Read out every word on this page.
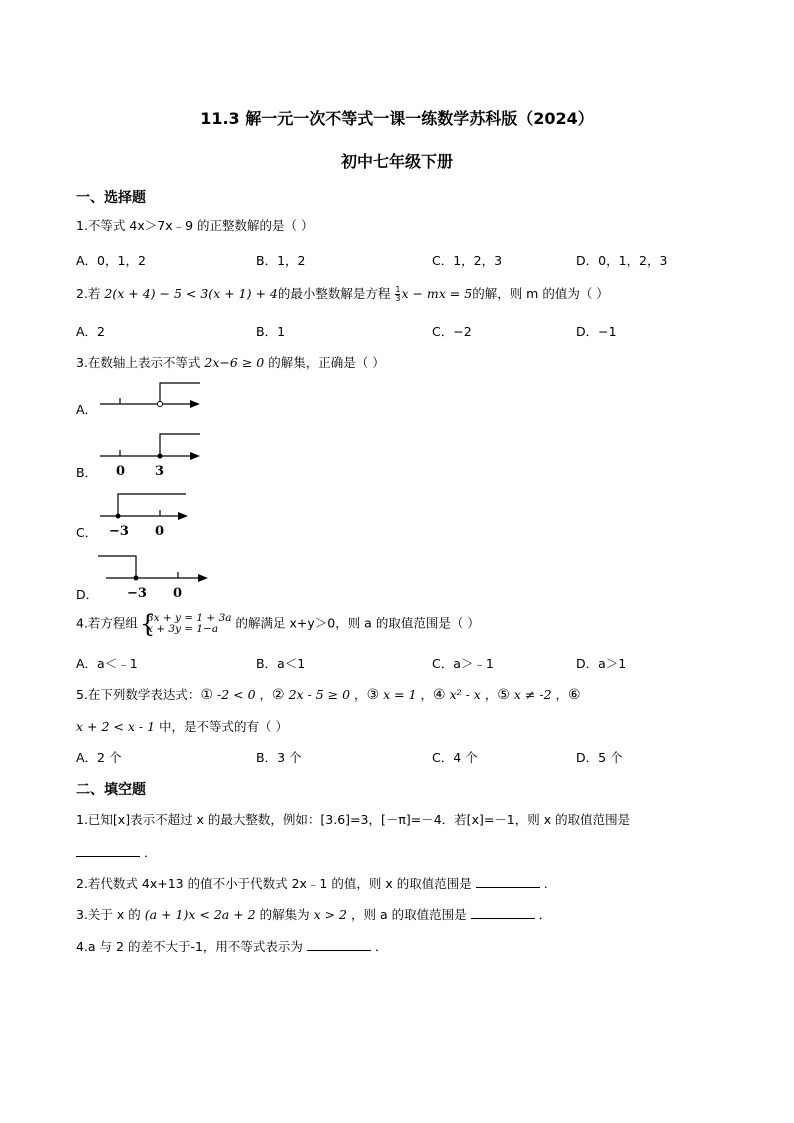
11.3 解一元一次不等式一课一练数学苏科版（2024）
初中七年级下册
一、选择题
1.不等式 4x＞7x﹣9 的正整数解的是（ ）
A．0，1，2	B．1，2	C．1，2，3	D．0，1，2，3
2.若 2(x + 4) − 5 < 3(x + 1) + 4的最小整数解是方程 $\frac{1}{3}$ x − mx = 5的解，则 m 的值为（ ）
A．2	B．1	C．−2	D．−1
3.在数轴上表示不等式 2x−6 ≥ 0 的解集，正确是（ ）
A．
B． 0 3
C． −3 0
D． −3 0
4.若方程组 {
3x + y = 1 + 3a
x + 3y = 1−a	的解满足 x+y＞0，则 a 的取值范围是（ ）
A．a＜﹣1	B．a＜1	C．a＞﹣1	D．a＞1
5.在下列数学表达式：① -2 < 0 ，② 2x - 5 ≥ 0 ，③ x = 1 ，④ x² - x ，⑤ x ≠ -2 ，⑥
x + 2 < x - 1 中，是不等式的有（ ）
A．2 个	B．3 个	C．4 个	D．5 个
二、填空题
1.已知[x]表示不超过 x 的最大整数，例如：[3.6]=3，[－π]=－4．若[x]=－1，则 x 的取值范围是
．
2.若代数式 4x+13 的值不小于代数式 2x﹣1 的值，则 x 的取值范围是	.
3.关于 x 的 (a + 1)x < 2a + 2 的解集为 x > 2 ，则 a 的取值范围是	．
4.a 与 2 的差不大于-1，用不等式表示为	．
